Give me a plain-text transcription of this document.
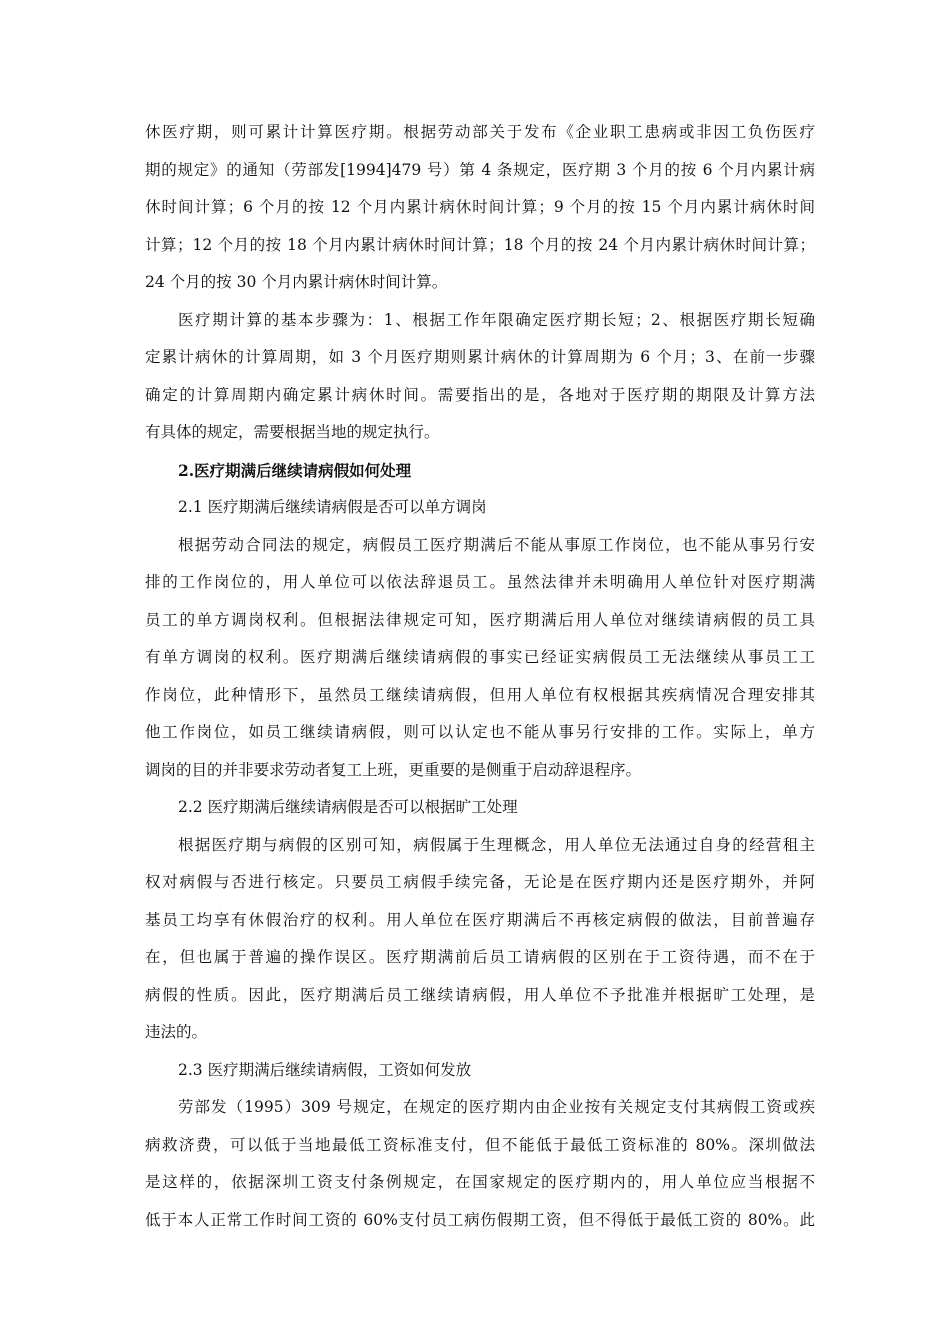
休医疗期，则可累计计算医疗期。根据劳动部关于发布《企业职工患病或非因工负伤医疗
期的规定》的通知（劳部发[1994]479 号）第 4 条规定，医疗期 3 个月的按 6 个月内累计病
休时间计算；6 个月的按 12 个月内累计病休时间计算；9 个月的按 15 个月内累计病休时间
计算；12 个月的按 18 个月内累计病休时间计算；18 个月的按 24 个月内累计病休时间计算；
24 个月的按 30 个月内累计病休时间计算。
医疗期计算的基本步骤为：1、根据工作年限确定医疗期长短；2、根据医疗期长短确
定累计病休的计算周期，如 3 个月医疗期则累计病休的计算周期为 6 个月；3、在前一步骤
确定的计算周期内确定累计病休时间。需要指出的是，各地对于医疗期的期限及计算方法
有具体的规定，需要根据当地的规定执行。
2.医疗期满后继续请病假如何处理
2.1 医疗期满后继续请病假是否可以单方调岗
根据劳动合同法的规定，病假员工医疗期满后不能从事原工作岗位，也不能从事另行安
排的工作岗位的，用人单位可以依法辞退员工。虽然法律并未明确用人单位针对医疗期满
员工的单方调岗权利。但根据法律规定可知，医疗期满后用人单位对继续请病假的员工具
有单方调岗的权利。医疗期满后继续请病假的事实已经证实病假员工无法继续从事员工工
作岗位，此种情形下，虽然员工继续请病假，但用人单位有权根据其疾病情况合理安排其
他工作岗位，如员工继续请病假，则可以认定也不能从事另行安排的工作。实际上，单方
调岗的目的并非要求劳动者复工上班，更重要的是侧重于启动辞退程序。
2.2 医疗期满后继续请病假是否可以根据旷工处理
根据医疗期与病假的区别可知，病假属于生理概念，用人单位无法通过自身的经营租主
权对病假与否进行核定。只要员工病假手续完备，无论是在医疗期内还是医疗期外，并阿
基员工均享有休假治疗的权利。用人单位在医疗期满后不再核定病假的做法，目前普遍存
在，但也属于普遍的操作误区。医疗期满前后员工请病假的区别在于工资待遇，而不在于
病假的性质。因此，医疗期满后员工继续请病假，用人单位不予批准并根据旷工处理，是
违法的。
2.3 医疗期满后继续请病假，工资如何发放
劳部发（1995）309 号规定，在规定的医疗期内由企业按有关规定支付其病假工资或疾
病救济费，可以低于当地最低工资标准支付，但不能低于最低工资标准的 80%。深圳做法
是这样的，依据深圳工资支付条例规定，在国家规定的医疗期内的，用人单位应当根据不
低于本人正常工作时间工资的 60%支付员工病伤假期工资，但不得低于最低工资的 80%。此
